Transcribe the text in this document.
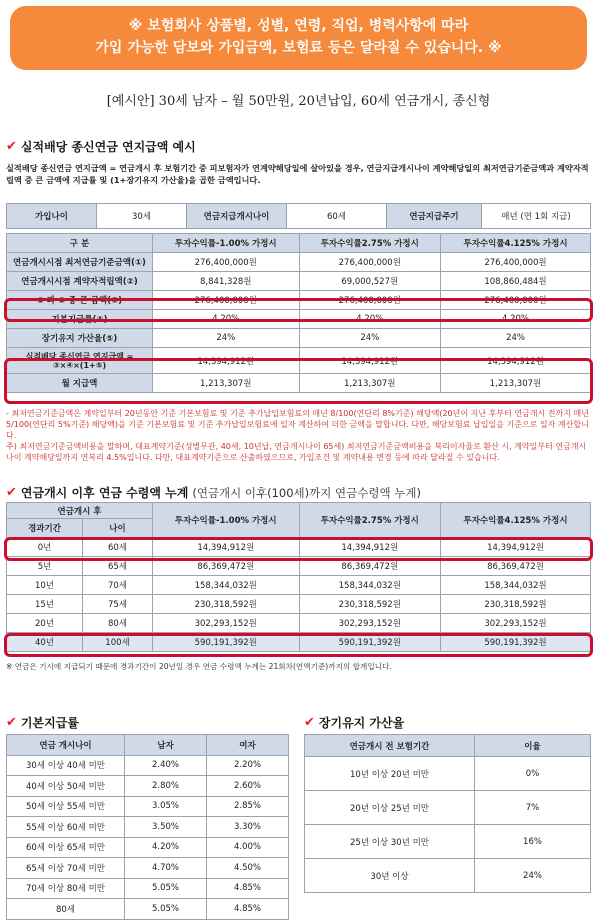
※ 보험회사 상품별, 성별, 연령, 직업, 병력사항에 따라
가입 가능한 담보와 가입금액, 보험료 등은 달라질 수 있습니다. ※
[예시안] 30세 남자 – 월 50만원, 20년납입, 60세 연금개시, 종신형
✔ 실적배당 종신연금 연지급액 예시
실적배당 종신연금 연지급액 = 연금개시 후 보험기간 중 피보험자가 연계약해당일에 살아있을 경우, 연금지급개시나이 계약해당일의 최저연금기준금액과 계약자적립액 중 큰 금액에 지급률 및 (1+장기유지 가산율)을 곱한 금액입니다.
가입나이	30세	연금지급개시나이	60세	연금지급주기	매년 (연 1회 지급)
구 분	투자수익률-1.00% 가정시	투자수익률2.75% 가정시	투자수익률4.125% 가정시
연금개시시점 최저연금기준금액(①)	276,400,000원	276,400,000원	276,400,000원
연금개시시점 계약자적립액(②)	8,841,328원	69,000,527원	108,860,484원
① 과 ② 중 큰 금액(③)	276,400,000원	276,400,000원	276,400,000원
기본지급률(④)	4.20%	4.20%	4.20%
장기유지 가산율(⑤)	24%	24%	24%
실적배당 종신연금 연지급액 = ③×④×(1+⑤)	14,394,912원	14,394,912원	14,394,912원
월 지급액	1,213,307원	1,213,307원	1,213,307원

- 최저연금기준금액은 계약일부터 20년동안 기준 기본보험료 및 기준 추가납입보험료의 매년 8/100(연단리 8%기준) 해당액(20년이 지난 후부터 연금개시 전까지 매년 5/100(연단리 5%기준) 해당액)을 기준 기본보험료 및 기준 추가납입보험료에 일자 계산하여 더한 금액을 말합니다. 다만, 해당보험료 납입일을 기준으로 일자 계산합니다.

주) 최저연금기준금액비용을 말하며, 대표계약기준(성별무관, 40세, 10년납, 연금개시나이 65세) 최저연금기준금액비용을 복리이자율로 환산 시, 계약일부터 연금개시나이 계약해당일까지 연복리 4.5%입니다. 다만, 대표계약기준으로 산출하였으므로, 가입조건 및 계약내용 변경 등에 따라 달라질 수 있습니다.

✔ 연금개시 이후 연금 수령액 누계 (연금개시 이후(100세)까지 연금수령액 누계)
연금개시 후		투자수익률-1.00% 가정시	투자수익률2.75% 가정시	투자수익률4.125% 가정시
경과기간	나이			
0년	60세	14,394,912원	14,394,912원	14,394,912원
5년	65세	86,369,472원	86,369,472원	86,369,472원
10년	70세	158,344,032원	158,344,032원	158,344,032원
15년	75세	230,318,592원	230,318,592원	230,318,592원
20년	80세	302,293,152원	302,293,152원	302,293,152원
40년	100세	590,191,392원	590,191,392원	590,191,392원
※ 연금은 기시에 지급되기 때문에 경과기간이 20년일 경우 연금 수령액 누계는 21회차(연액기준)까지의 합계입니다.
✔ 기본지급률
연금 개시나이	남자	여자
30세 이상 40세 미만	2.40%	2.20%
40세 이상 50세 미만	2.80%	2.60%
50세 이상 55세 미만	3.05%	2.85%
55세 이상 60세 미만	3.50%	3.30%
60세 이상 65세 미만	4.20%	4.00%
65세 이상 70세 미만	4.70%	4.50%
70세 이상 80세 미만	5.05%	4.85%
80세	5.05%	4.85%
✔ 장기유지 가산율
연금개시 전 보험기간	이율
10년 이상 20년 미만	0%
20년 이상 25년 미만	7%
25년 이상 30년 미만	16%
30년 이상	24%
